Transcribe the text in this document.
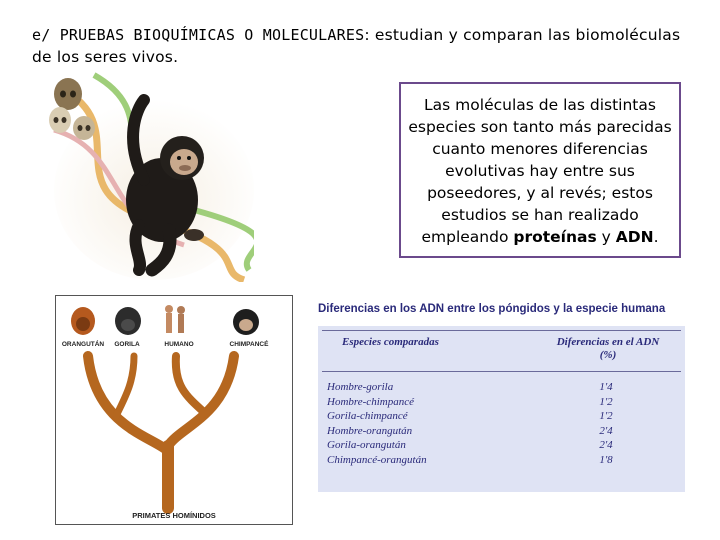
e/ PRUEBAS BIOQUÍMICAS O MOLECULARES: estudian y comparan las biomoléculas de los seres vivos.
Las moléculas de las distintas especies son tanto más parecidas cuanto menores diferencias evolutivas hay entre sus poseedores, y al revés; estos estudios se han realizado empleando proteínas y ADN.
ORANGUTÁN	GORILA	HUMANO	CHIMPANCÉ
PRIMATES HOMÍNIDOS
Diferencias en los ADN entre los póngidos y la especie humana
Especies comparadas	Diferencias en el ADN
(%)
Hombre-gorila	1'4
Hombre-chimpancé	1'2
Gorila-chimpancé	1'2
Hombre-orangután	2'4
Gorila-orangután	2'4
Chimpancé-orangután	1'8
